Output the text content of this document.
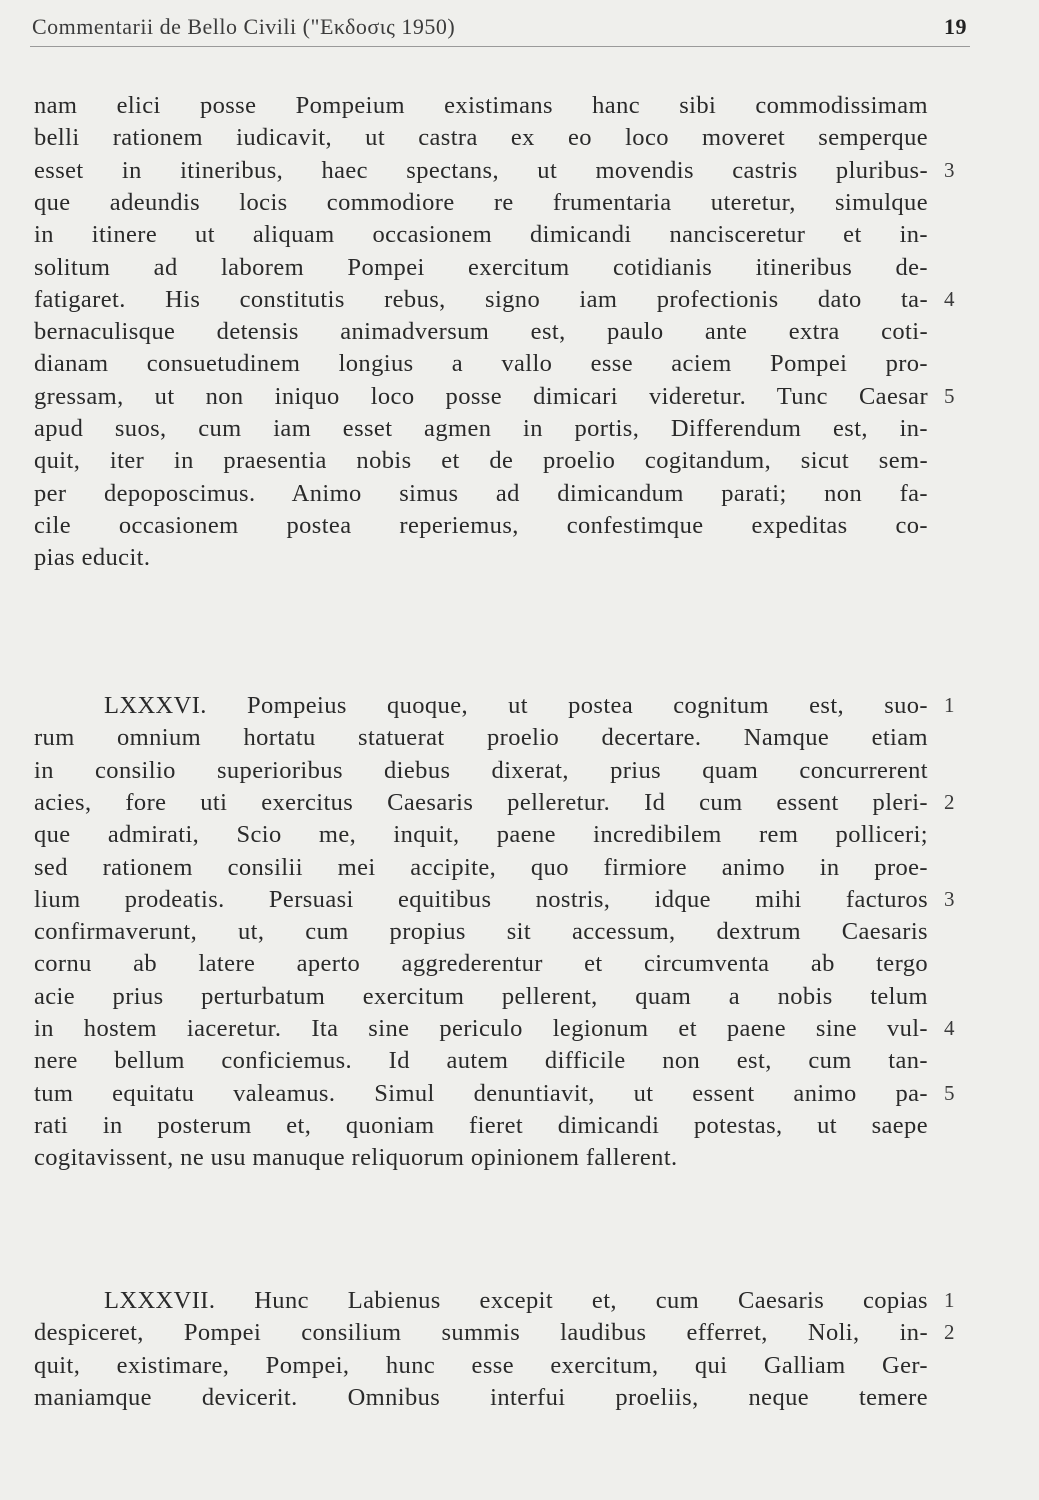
Commentarii de Bello Civili ("Εκδοσις 1950)	19
nam elici posse Pompeium existimans hanc sibi commodissimam
belli rationem iudicavit, ut castra ex eo loco moveret semperque
esset in itineribus, haec spectans, ut movendis castris pluribus-
que adeundis locis commodiore re frumentaria uteretur, simulque
in itinere ut aliquam occasionem dimicandi nancisceretur et in-
solitum ad laborem Pompei exercitum cotidianis itineribus de-
fatigaret. His constitutis rebus, signo iam profectionis dato ta-
bernaculisque detensis animadversum est, paulo ante extra coti-
dianam consuetudinem longius a vallo esse aciem Pompei pro-
gressam, ut non iniquo loco posse dimicari videretur. Tunc Caesar
apud suos, cum iam esset agmen in portis, Differendum est, in-
quit, iter in praesentia nobis et de proelio cogitandum, sicut sem-
per depoposcimus. Animo simus ad dimicandum parati; non fa-
cile occasionem postea reperiemus, confestimque expeditas co-
pias educit.
3
4
5
LXXXVI. Pompeius quoque, ut postea cognitum est, suo-
rum omnium hortatu statuerat proelio decertare. Namque etiam
in consilio superioribus diebus dixerat, prius quam concurrerent
acies, fore uti exercitus Caesaris pelleretur. Id cum essent pleri-
que admirati, Scio me, inquit, paene incredibilem rem polliceri;
sed rationem consilii mei accipite, quo firmiore animo in proe-
lium prodeatis. Persuasi equitibus nostris, idque mihi facturos
confirmaverunt, ut, cum propius sit accessum, dextrum Caesaris
cornu ab latere aperto aggrederentur et circumventa ab tergo
acie prius perturbatum exercitum pellerent, quam a nobis telum
in hostem iaceretur. Ita sine periculo legionum et paene sine vul-
nere bellum conficiemus. Id autem difficile non est, cum tan-
tum equitatu valeamus. Simul denuntiavit, ut essent animo pa-
rati in posterum et, quoniam fieret dimicandi potestas, ut saepe
cogitavissent, ne usu manuque reliquorum opinionem fallerent.
1
2
3
4
5
LXXXVII. Hunc Labienus excepit et, cum Caesaris copias
despiceret, Pompei consilium summis laudibus efferret, Noli, in-
quit, existimare, Pompei, hunc esse exercitum, qui Galliam Ger-
maniamque devicerit. Omnibus interfui proeliis, neque temere
1
2
